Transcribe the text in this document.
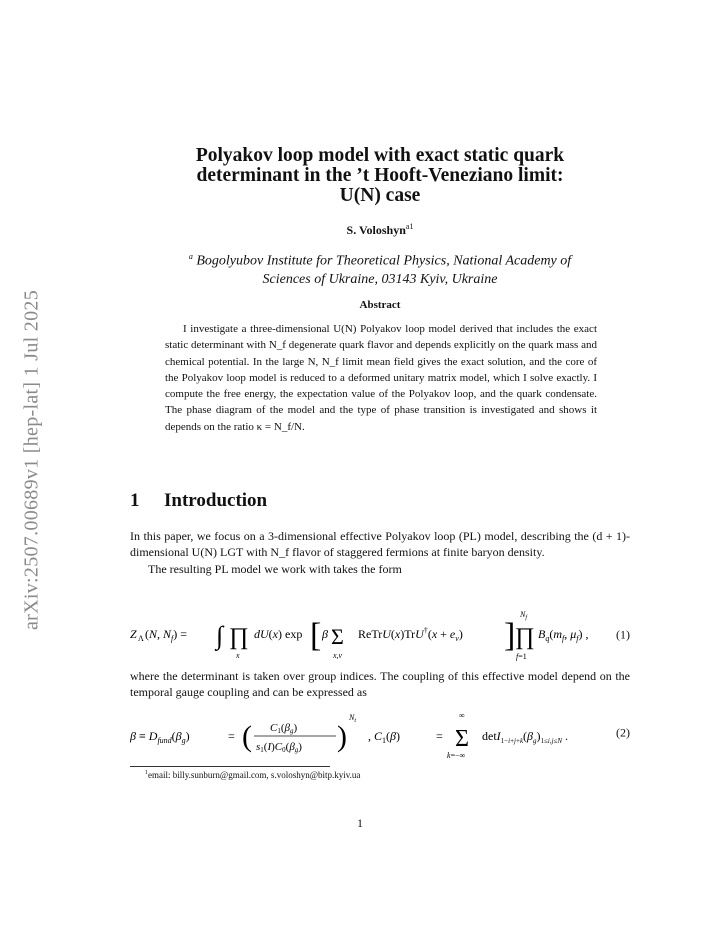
arXiv:2507.00689v1 [hep-lat] 1 Jul 2025
Polyakov loop model with exact static quark
determinant in the ’t Hooft-Veneziano limit:
U(N) case
S. Voloshyn$^{a1}$
$^a$ Bogolyubov Institute for Theoretical Physics, National Academy of
Sciences of Ukraine, 03143 Kyiv, Ukraine
Abstract

I investigate a three-dimensional U(N) Polyakov loop model derived that includes the exact static determinant with N_f degenerate quark flavor and depends explicitly on the quark mass and chemical potential. In the large N, N_f limit mean field gives the exact solution, and the core of the Polyakov loop model is reduced to a deformed unitary matrix model, which I solve exactly. I compute the free energy, the expectation value of the Polyakov loop, and the quark condensate. The phase diagram of the model and the type of phase transition is investigated and shows it depends on the ratio κ = N_f/N.

1 Introduction

In this paper, we focus on a 3-dimensional effective Polyakov loop (PL) model, describing the (d + 1)-dimensional U(N) LGT with N_f flavor of staggered fermions at finite baryon density.

The resulting PL model we work with takes the form

Z Λ (N, $N_f$) = ∫ ∏
x
dU(x) exp [ β Σ
x,ν
ReTrU(x)TrU†(x + $e_\nu$) ] ∏
$N_f$
f=1
$B_q(m_f$, $\mu_f$) , (1)

where the determinant is taken over group indices. The coupling of this effective model depend on the temporal gauge coupling and can be expressed as

$\beta \equiv D_{fund}(\beta_g)$	= ( C1(βg)
s1(I)C0(βg) )
$N_t$
, $C_1(\beta)$	= Σ
∞
k=−∞
$\det I_{1-i+j+k}(\beta_g)_{1\le i,j\le N}$ .	(2)
$^1$email: billy.sunburn@gmail.com, s.voloshyn@bitp.kyiv.ua
1
